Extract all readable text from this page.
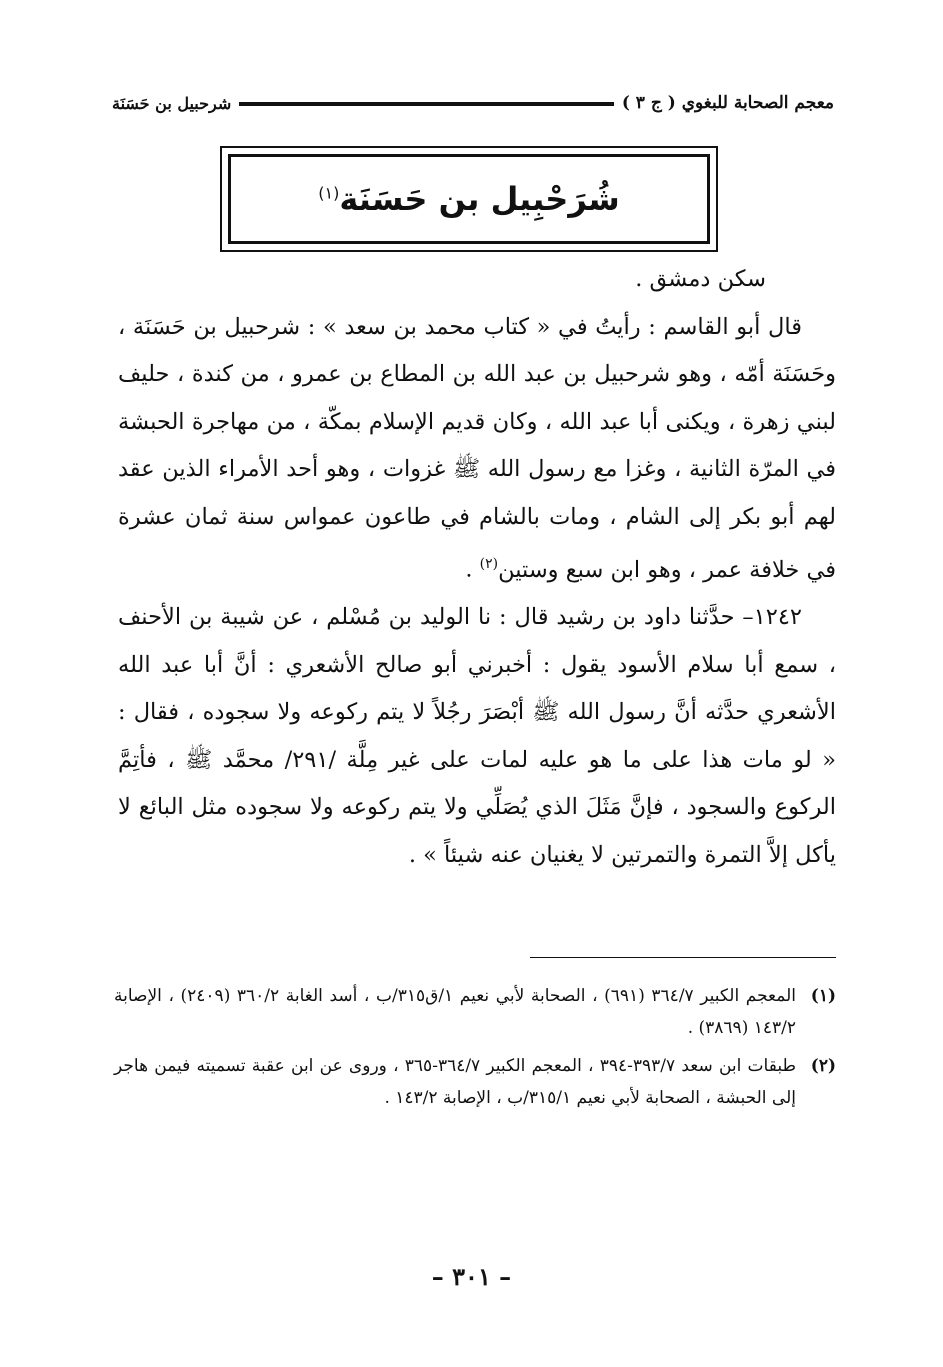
معجم الصحابة للبغوي ( ج ٣ )
شرحبيل بن حَسَنَة
شُرَحْبِيل بن حَسَنَة$^{(١)}$

سكن دمشق .

قال أبو القاسم : رأيتُ في « كتاب محمد بن سعد » : شرحبيل بن حَسَنَة ، وحَسَنَة أمّه ، وهو شرحبيل بن عبد الله بن المطاع بن عمرو ، من كندة ، حليف لبني زهرة ، ويكنى أبا عبد الله ، وكان قديم الإسلام بمكّة ، من مهاجرة الحبشة في المرّة الثانية ، وغزا مع رسول الله ﷺ غزوات ، وهو أحد الأمراء الذين عقد لهم أبو بكر إلى الشام ، ومات بالشام في طاعون عمواس سنة ثمان عشرة في خلافة عمر ، وهو ابن سبع وستين$^{(٢)}$ .

١٢٤٢– حدَّثنا داود بن رشيد قال : نا الوليد بن مُسْلم ، عن شيبة بن الأحنف ، سمع أبا سلام الأسود يقول : أخبرني أبو صالح الأشعري : أنَّ أبا عبد الله الأشعري حدَّثه أنَّ رسول الله ﷺ أبْصَرَ رجُلاً لا يتم ركوعه ولا سجوده ، فقال : « لو مات هذا على ما هو عليه لمات على غير مِلَّة /٢٩١/ محمَّد ﷺ ، فأتِمَّ الركوع والسجود ، فإنَّ مَثَلَ الذي يُصَلِّي ولا يتم ركوعه ولا سجوده مثل البائع لا يأكل إلاَّ التمرة والتمرتين لا يغنيان عنه شيئاً » .

(١)
المعجم الكبير ٣٦٤/٧ (٦٩١) ، الصحابة لأبي نعيم ١/ق٣١٥/ب ، أسد الغابة ٣٦٠/٢ (٢٤٠٩) ، الإصابة ١٤٣/٢ (٣٨٦٩) .
(٢)
طبقات ابن سعد ٣٩٣/٧-٣٩٤ ، المعجم الكبير ٣٦٤/٧-٣٦٥ ، وروى عن ابن عقبة تسميته فيمن هاجر إلى الحبشة ، الصحابة لأبي نعيم ٣١٥/١/ب ، الإصابة ١٤٣/٢ .
– ٣٠١ –
